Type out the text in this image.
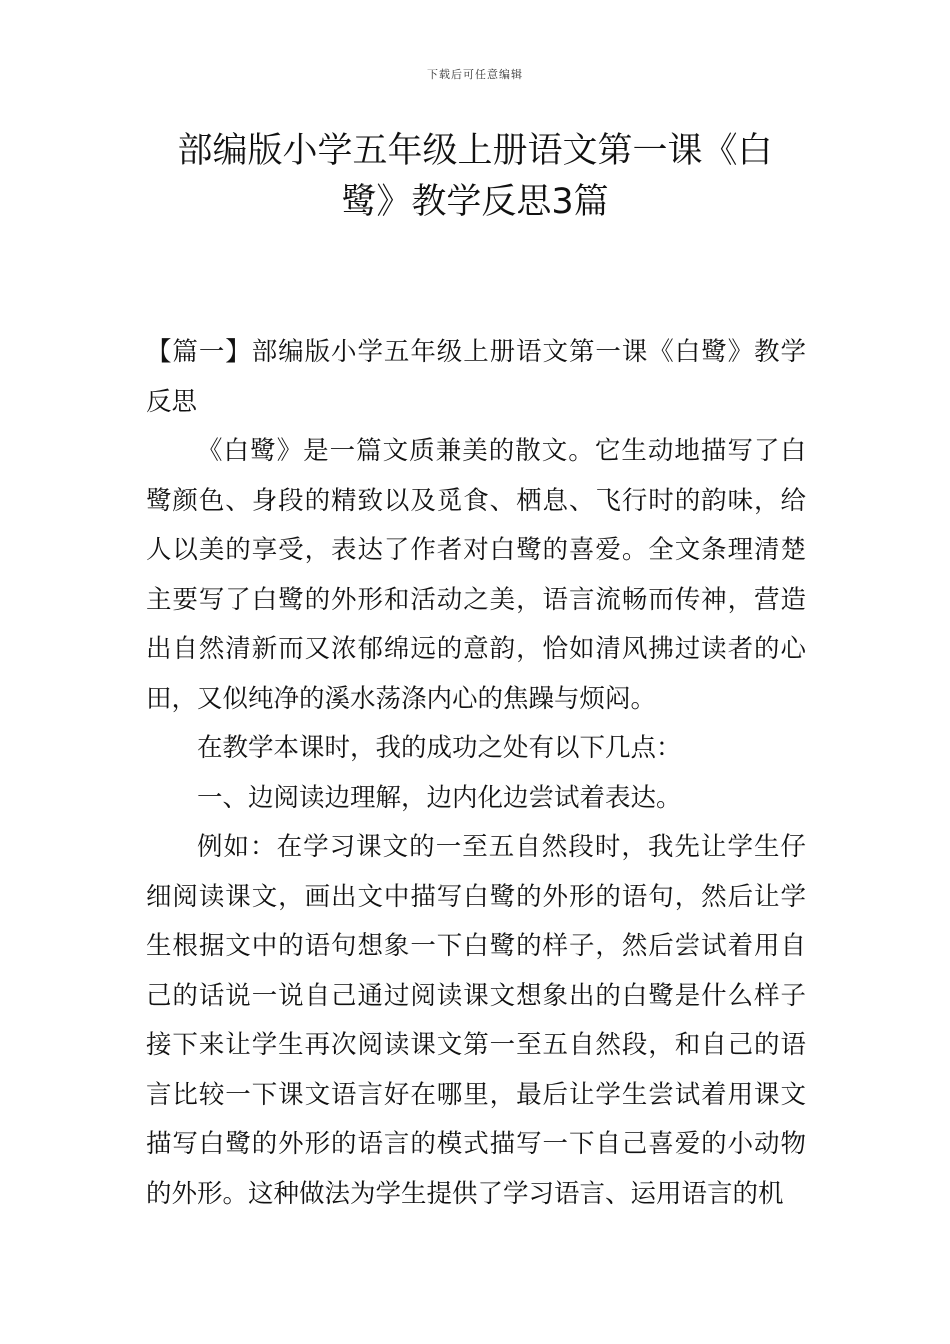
下载后可任意编辑
部编版小学五年级上册语文第一课《白
鹭》教学反思3篇

【篇一】部编版小学五年级上册语文第一课《白鹭》教学反思

《白鹭》是一篇文质兼美的散文。它生动地描写了白鹭颜色、身段的精致以及觅食、栖息、飞行时的韵味，给人以美的享受，表达了作者对白鹭的喜爱。全文条理清楚主要写了白鹭的外形和活动之美，语言流畅而传神，营造出自然清新而又浓郁绵远的意韵，恰如清风拂过读者的心田，又似纯净的溪水荡涤内心的焦躁与烦闷。

在教学本课时，我的成功之处有以下几点：

一、边阅读边理解，边内化边尝试着表达。

例如：在学习课文的一至五自然段时，我先让学生仔细阅读课文，画出文中描写白鹭的外形的语句，然后让学生根据文中的语句想象一下白鹭的样子，然后尝试着用自己的话说一说自己通过阅读课文想象出的白鹭是什么样子接下来让学生再次阅读课文第一至五自然段，和自己的语言比较一下课文语言好在哪里，最后让学生尝试着用课文描写白鹭的外形的语言的模式描写一下自己喜爱的小动物的外形。这种做法为学生提供了学习语言、运用语言的机
